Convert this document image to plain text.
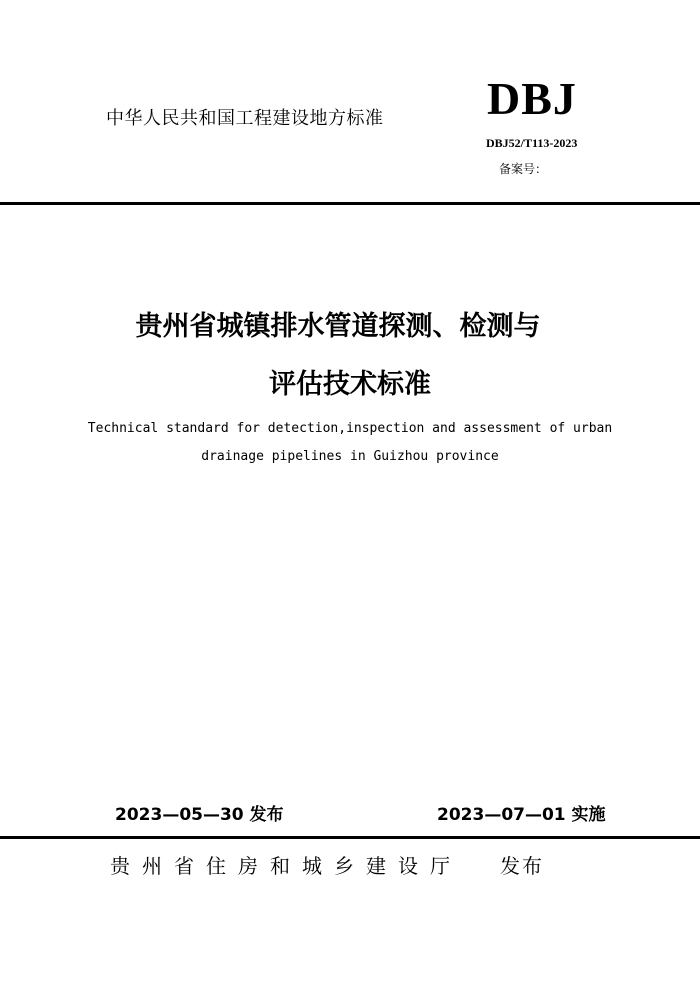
中华人民共和国工程建设地方标准 DBJ
DBJ52/T113-2023
备案号：
贵州省城镇排水管道探测、检测与
评估技术标准
Technical standard for detection,inspection and assessment of urban
drainage pipelines in Guizhou province
2023—05—30 发布	2023—07—01 实施
贵州省住房和城乡建设厅 发布
